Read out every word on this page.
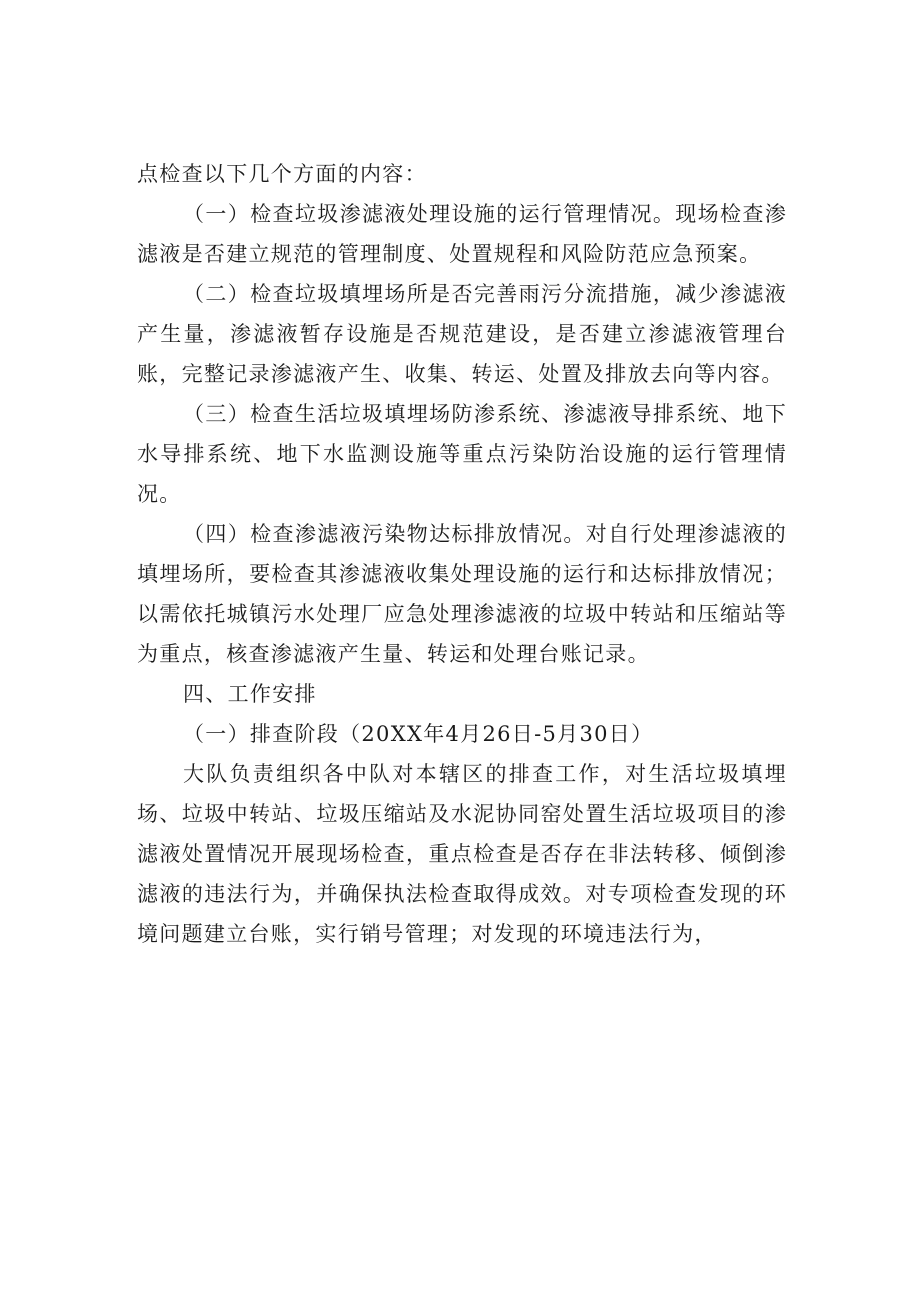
点检查以下几个方面的内容：

（一）检查垃圾渗滤液处理设施的运行管理情况。现场检查渗滤液是否建立规范的管理制度、处置规程和风险防范应急预案。

（二）检查垃圾填埋场所是否完善雨污分流措施，减少渗滤液产生量，渗滤液暂存设施是否规范建设，是否建立渗滤液管理台账，完整记录渗滤液产生、收集、转运、处置及排放去向等内容。

（三）检查生活垃圾填埋场防渗系统、渗滤液导排系统、地下水导排系统、地下水监测设施等重点污染防治设施的运行管理情况。

（四）检查渗滤液污染物达标排放情况。对自行处理渗滤液的填埋场所，要检查其渗滤液收集处理设施的运行和达标排放情况；以需依托城镇污水处理厂应急处理渗滤液的垃圾中转站和压缩站等为重点，核查渗滤液产生量、转运和处理台账记录。

四、工作安排

（一）排查阶段（20XX年4月26日-5月30日）

大队负责组织各中队对本辖区的排查工作，对生活垃圾填埋场、垃圾中转站、垃圾压缩站及水泥协同窑处置生活垃圾项目的渗滤液处置情况开展现场检查，重点检查是否存在非法转移、倾倒渗滤液的违法行为，并确保执法检查取得成效。对专项检查发现的环境问题建立台账，实行销号管理；对发现的环境违法行为，
